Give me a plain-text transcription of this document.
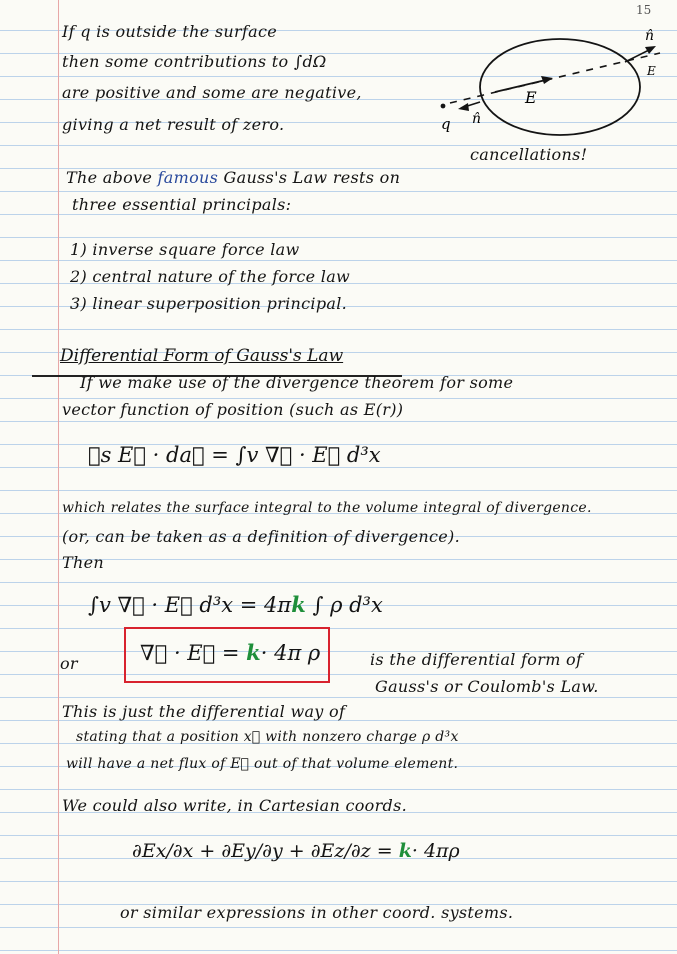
15
If q is outside the surface
then some contributions to ∫dΩ
are positive and some are negative,
giving a net result of zero.
n̂
E
E
n̂
q
cancellations!
The above famous Gauss's Law rests on
three essential principals:
1) inverse square force law
2) central nature of the force law
3) linear superposition principal.
Differential Form of Gauss's Law
If we make use of the divergence theorem for some
vector function of position (such as E(r))
∮s E⃗ · da⃗ = ∫v ∇⃗ · E⃗ d³x
which relates the surface integral to the volume integral of divergence.
(or, can be taken as a definition of divergence).
Then
∫v ∇⃗ · E⃗ d³x = 4πk ∫ ρ d³x
or	∇⃗ · E⃗ = k· 4π ρ	is the differential form of
Gauss's or Coulomb's Law.
This is just the differential way of
stating that a position x⃗ with nonzero charge ρ d³x
will have a net flux of E⃗ out of that volume element.
We could also write, in Cartesian coords.
∂Ex/∂x + ∂Ey/∂y + ∂Ez/∂z = k· 4πρ
or similar expressions in other coord. systems.
